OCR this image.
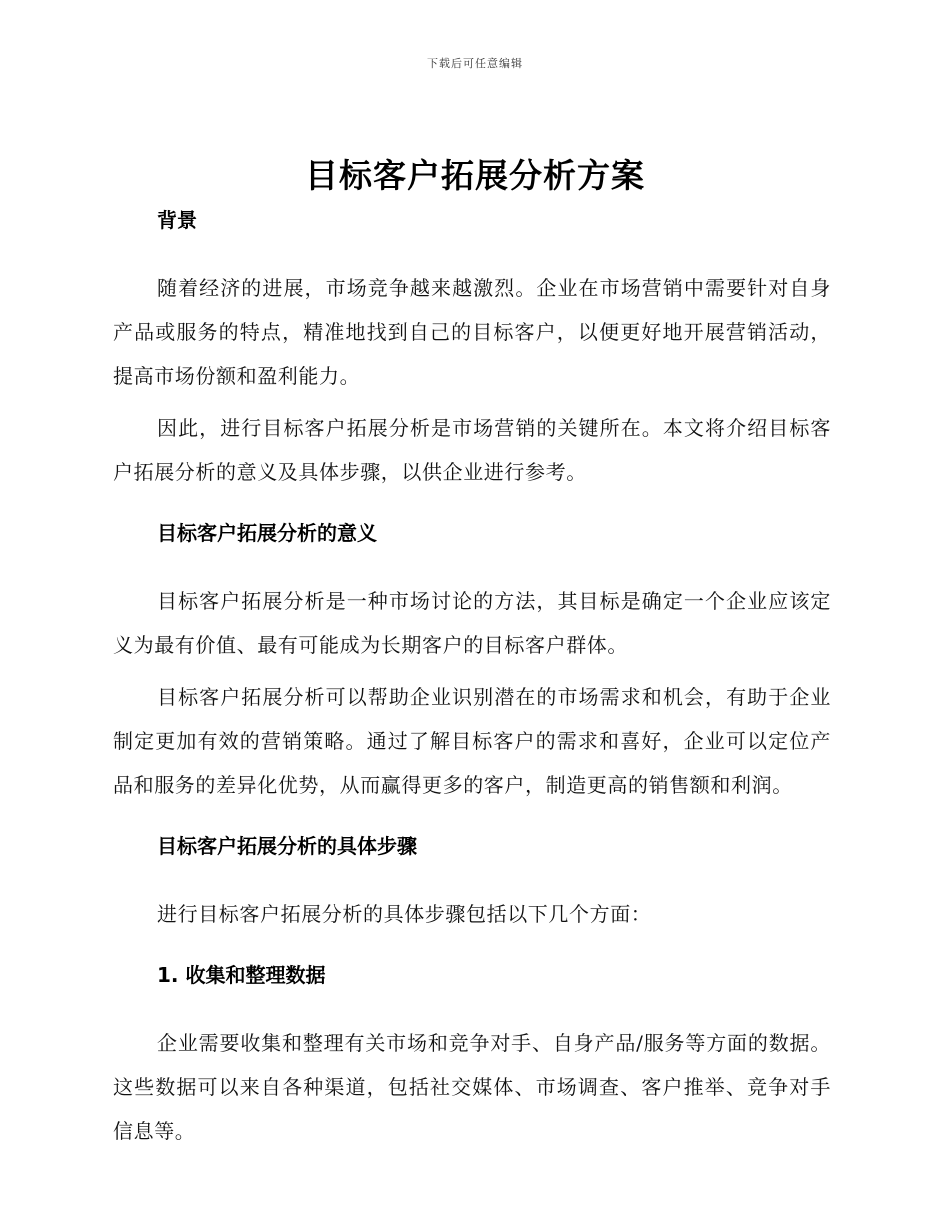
下载后可任意编辑
目标客户拓展分析方案
背景

随着经济的进展，市场竞争越来越激烈。企业在市场营销中需要针对自身产品或服务的特点，精准地找到自己的目标客户，以便更好地开展营销活动，提高市场份额和盈利能力。

因此，进行目标客户拓展分析是市场营销的关键所在。本文将介绍目标客户拓展分析的意义及具体步骤，以供企业进行参考。

目标客户拓展分析的意义

目标客户拓展分析是一种市场讨论的方法，其目标是确定一个企业应该定义为最有价值、最有可能成为长期客户的目标客户群体。

目标客户拓展分析可以帮助企业识别潜在的市场需求和机会，有助于企业制定更加有效的营销策略。通过了解目标客户的需求和喜好，企业可以定位产品和服务的差异化优势，从而赢得更多的客户，制造更高的销售额和利润。

目标客户拓展分析的具体步骤

进行目标客户拓展分析的具体步骤包括以下几个方面：

1. 收集和整理数据

企业需要收集和整理有关市场和竞争对手、自身产品/服务等方面的数据。这些数据可以来自各种渠道，包括社交媒体、市场调查、客户推举、竞争对手信息等。
